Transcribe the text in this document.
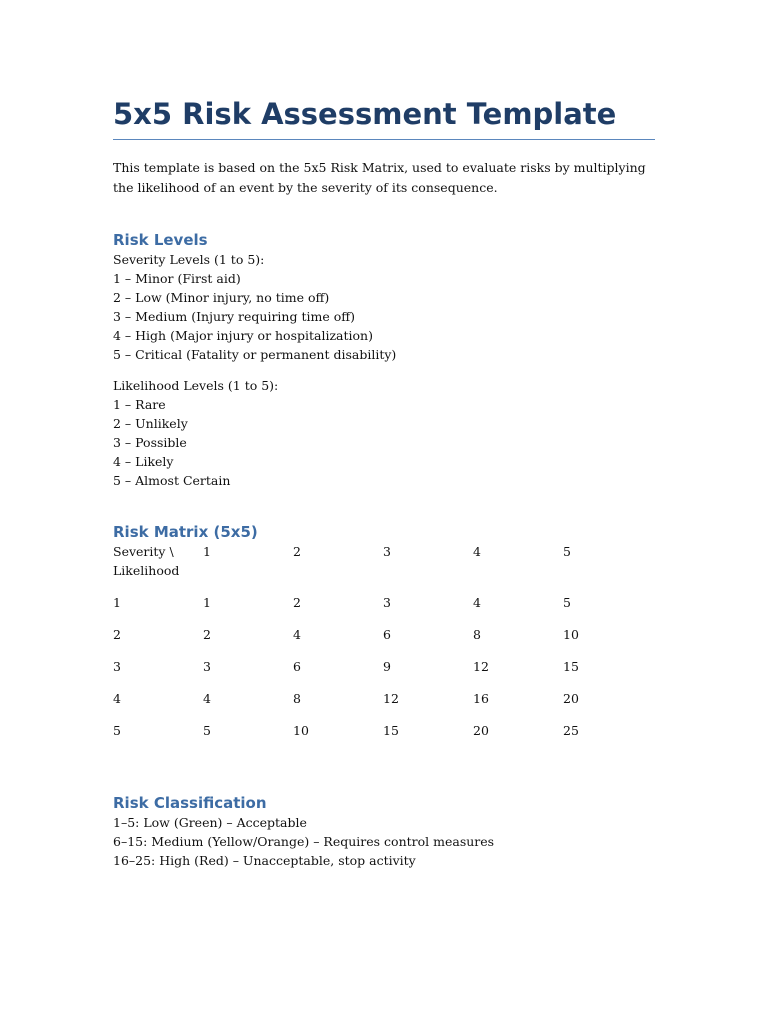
5x5 Risk Assessment Template

This template is based on the 5x5 Risk Matrix, used to evaluate risks by multiplying the likelihood of an event by the severity of its consequence.

Risk Levels

Severity Levels (1 to 5):

1 – Minor (First aid)

2 – Low (Minor injury, no time off)

3 – Medium (Injury requiring time off)

4 – High (Major injury or hospitalization)

5 – Critical (Fatality or permanent disability)

Likelihood Levels (1 to 5):

1 – Rare

2 – Unlikely

3 – Possible

4 – Likely

5 – Almost Certain

Risk Matrix (5x5)
Severity \ Likelihood	1	2	3	4	5
1	1	2	3	4	5
2	2	4	6	8	10
3	3	6	9	12	15
4	4	8	12	16	20
5	5	10	15	20	25
Risk Classification

1–5: Low (Green) – Acceptable

6–15: Medium (Yellow/Orange) – Requires control measures

16–25: High (Red) – Unacceptable, stop activity
